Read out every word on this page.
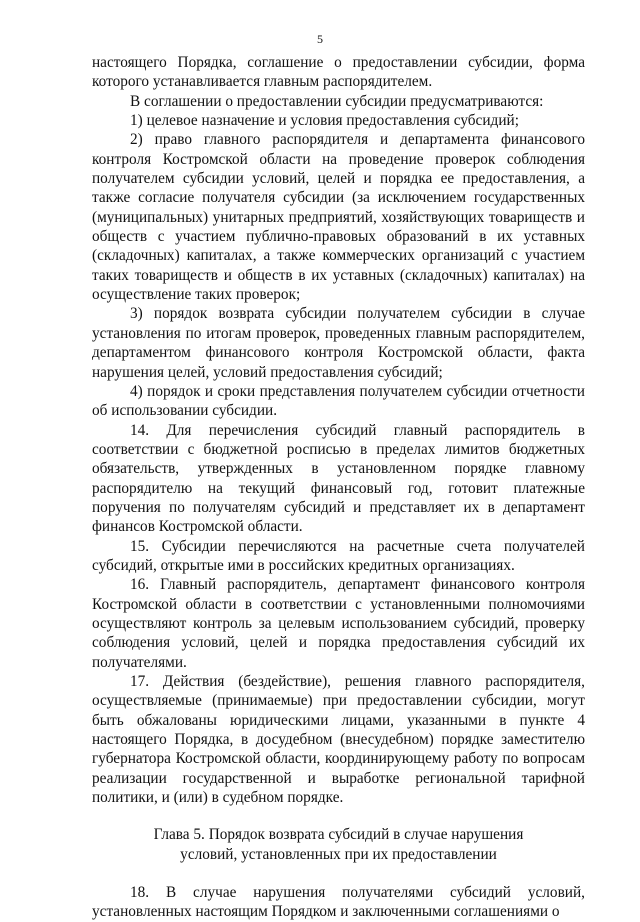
5

настоящего Порядка, соглашение о предоставлении субсидии, форма которого устанавливается главным распорядителем.

В соглашении о предоставлении субсидии предусматриваются:

1) целевое назначение и условия предоставления субсидий;

2) право главного распорядителя и департамента финансового контроля Костромской области на проведение проверок соблюдения получателем субсидии условий, целей и порядка ее предоставления, а также согласие получателя субсидии (за исключением государственных (муниципальных) унитарных предприятий, хозяйствующих товариществ и обществ с участием публично-правовых образований в их уставных (складочных) капиталах, а также коммерческих организаций с участием таких товариществ и обществ в их уставных (складочных) капиталах) на осуществление таких проверок;

3) порядок возврата субсидии получателем субсидии в случае установления по итогам проверок, проведенных главным распорядителем, департаментом финансового контроля Костромской области, факта нарушения целей, условий предоставления субсидий;

4) порядок и сроки представления получателем субсидии отчетности об использовании субсидии.

14. Для перечисления субсидий главный распорядитель в соответствии с бюджетной росписью в пределах лимитов бюджетных обязательств, утвержденных в установленном порядке главному распорядителю на текущий финансовый год, готовит платежные поручения по получателям субсидий и представляет их в департамент финансов Костромской области.

15. Субсидии перечисляются на расчетные счета получателей субсидий, открытые ими в российских кредитных организациях.

16. Главный распорядитель, департамент финансового контроля Костромской области в соответствии с установленными полномочиями осуществляют контроль за целевым использованием субсидий, проверку соблюдения условий, целей и порядка предоставления субсидий их получателями.

17. Действия (бездействие), решения главного распорядителя, осуществляемые (принимаемые) при предоставлении субсидии, могут быть обжалованы юридическими лицами, указанными в пункте 4 настоящего Порядка, в досудебном (внесудебном) порядке заместителю губернатора Костромской области, координирующему работу по вопросам реализации государственной и выработке региональной тарифной политики, и (или) в судебном порядке.

Глава 5. Порядок возврата субсидий в случае нарушения

условий, установленных при их предоставлении

18. В случае нарушения получателями субсидий условий, установленных настоящим Порядком и заключенными соглашениями о
